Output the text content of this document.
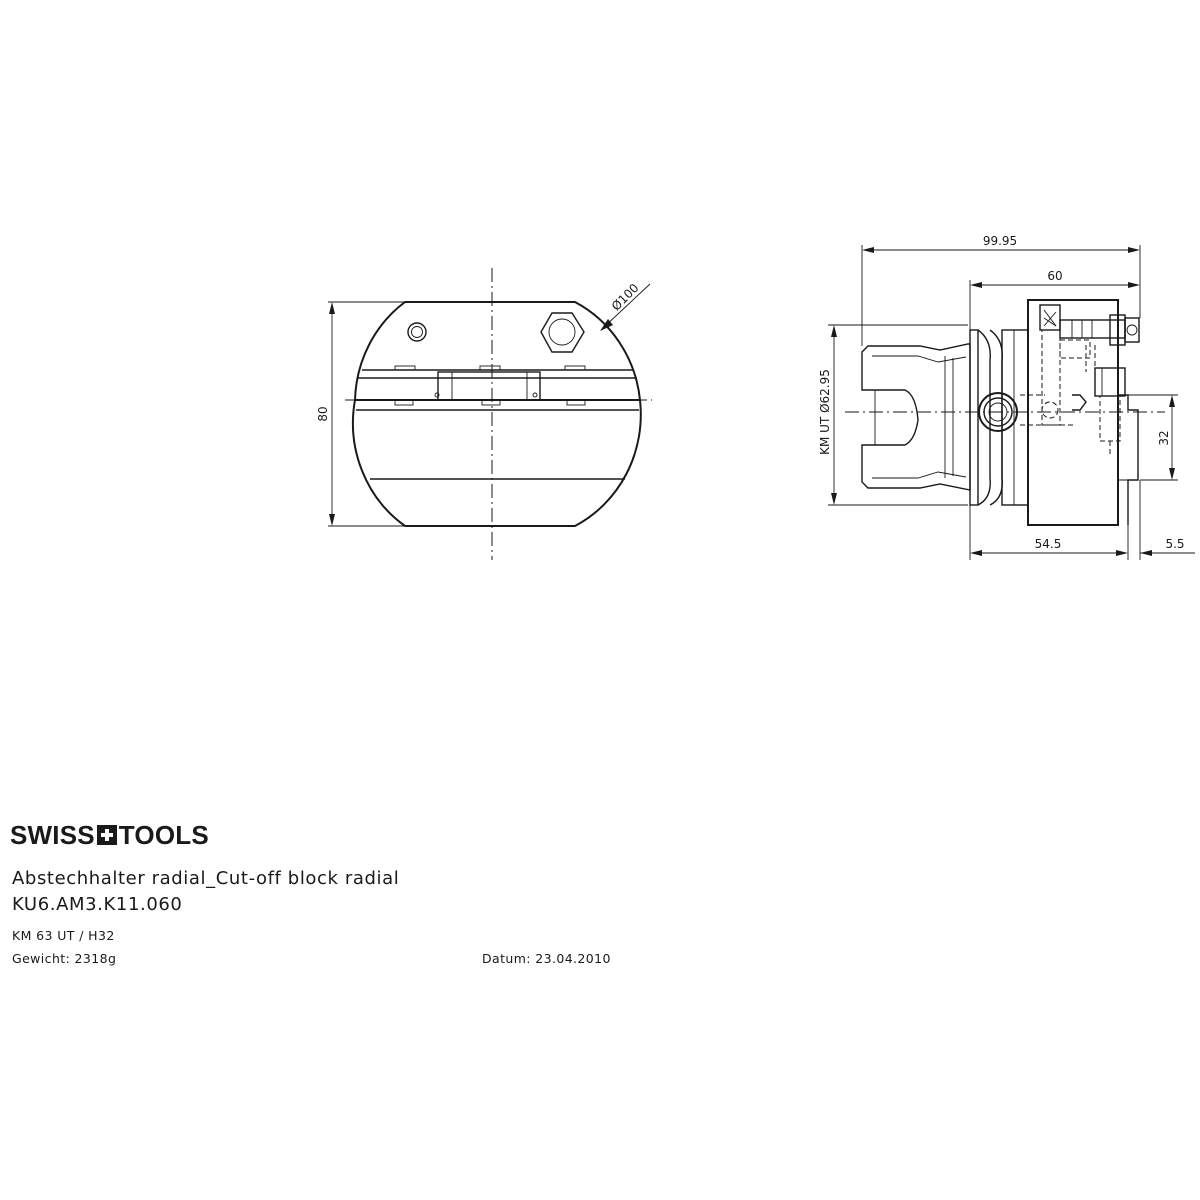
80
Ø100
99.95
60
KM UT Ø62.95	32
54.5	5.5
SWISS TOOLS
Abstechhalter radial_Cut-off block radial
KU6.AM3.K11.060
KM 63 UT / H32
Gewicht: 2318g	Datum: 23.04.2010
